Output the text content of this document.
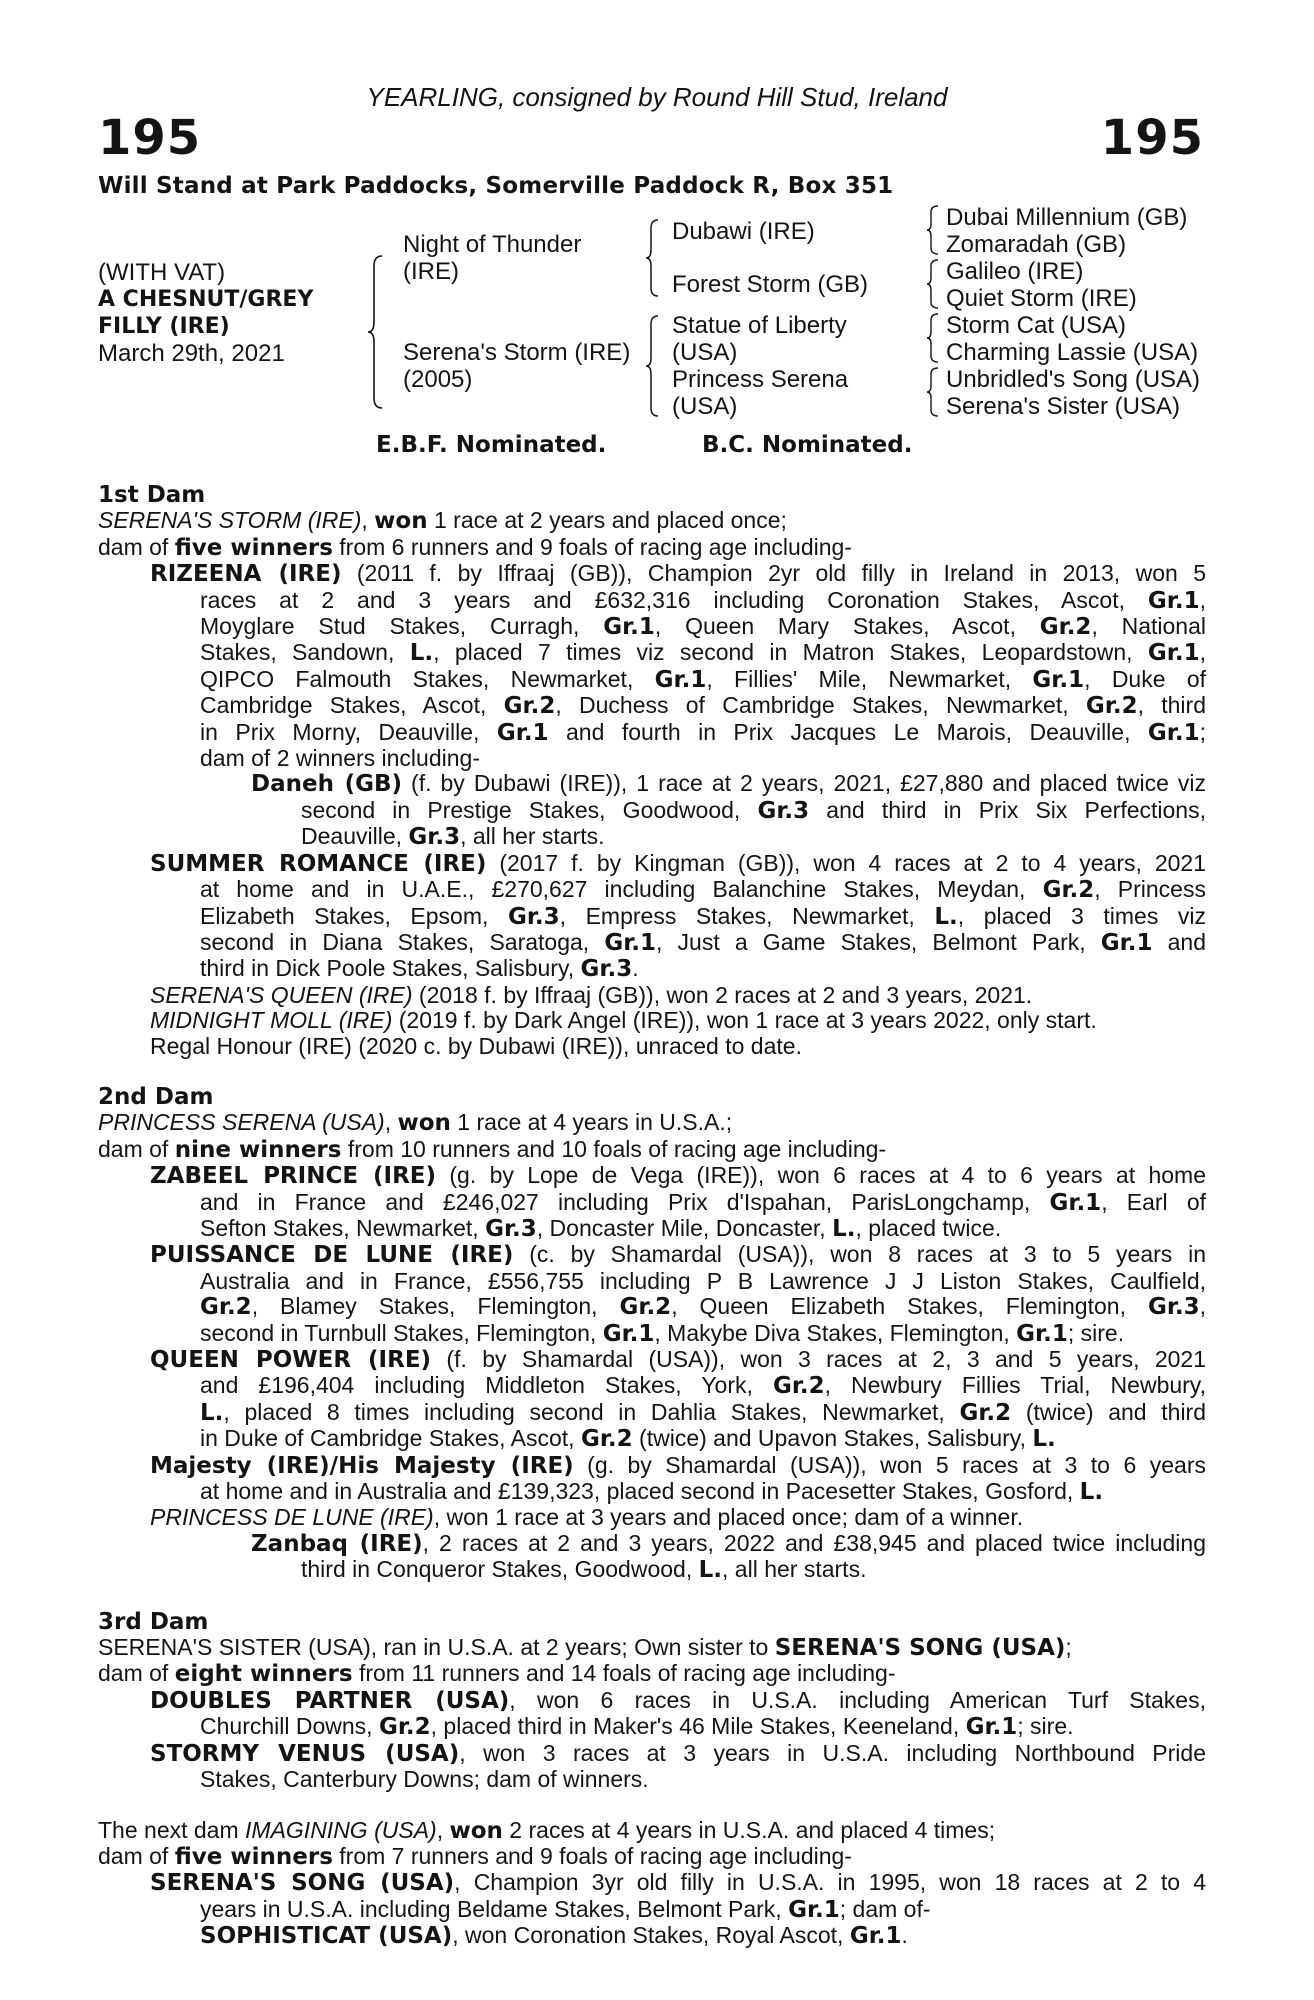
YEARLING, consigned by Round Hill Stud, Ireland
195	195
Will Stand at Park Paddocks, Somerville Paddock R, Box 351
(WITH VAT)
A CHESNUT/GREY
FILLY (IRE)
March 29th, 2021
Night of Thunder
(IRE)
Serena's Storm (IRE)
(2005)
Dubawi (IRE)
Forest Storm (GB)
Statue of Liberty
(USA)
Princess Serena
(USA)
Dubai Millennium (GB)
Zomaradah (GB)
Galileo (IRE)
Quiet Storm (IRE)
Storm Cat (USA)
Charming Lassie (USA)
Unbridled's Song (USA)
Serena's Sister (USA)
E.B.F. Nominated.	B.C. Nominated.
1st Dam
SERENA'S STORM (IRE), won 1 race at 2 years and placed once;
dam of five winners from 6 runners and 9 foals of racing age including-
RIZEENA (IRE) (2011 f. by Iffraaj (GB)), Champion 2yr old filly in Ireland in 2013, won 5
races at 2 and 3 years and £632,316 including Coronation Stakes, Ascot, Gr.1,
Moyglare Stud Stakes, Curragh, Gr.1, Queen Mary Stakes, Ascot, Gr.2, National
Stakes, Sandown, L., placed 7 times viz second in Matron Stakes, Leopardstown, Gr.1,
QIPCO Falmouth Stakes, Newmarket, Gr.1, Fillies' Mile, Newmarket, Gr.1, Duke of
Cambridge Stakes, Ascot, Gr.2, Duchess of Cambridge Stakes, Newmarket, Gr.2, third
in Prix Morny, Deauville, Gr.1 and fourth in Prix Jacques Le Marois, Deauville, Gr.1;
dam of 2 winners including-
Daneh (GB) (f. by Dubawi (IRE)), 1 race at 2 years, 2021, £27,880 and placed twice viz
second in Prestige Stakes, Goodwood, Gr.3 and third in Prix Six Perfections,
Deauville, Gr.3, all her starts.
SUMMER ROMANCE (IRE) (2017 f. by Kingman (GB)), won 4 races at 2 to 4 years, 2021
at home and in U.A.E., £270,627 including Balanchine Stakes, Meydan, Gr.2, Princess
Elizabeth Stakes, Epsom, Gr.3, Empress Stakes, Newmarket, L., placed 3 times viz
second in Diana Stakes, Saratoga, Gr.1, Just a Game Stakes, Belmont Park, Gr.1 and
third in Dick Poole Stakes, Salisbury, Gr.3.
SERENA'S QUEEN (IRE) (2018 f. by Iffraaj (GB)), won 2 races at 2 and 3 years, 2021.
MIDNIGHT MOLL (IRE) (2019 f. by Dark Angel (IRE)), won 1 race at 3 years 2022, only start.
Regal Honour (IRE) (2020 c. by Dubawi (IRE)), unraced to date.
2nd Dam
PRINCESS SERENA (USA), won 1 race at 4 years in U.S.A.;
dam of nine winners from 10 runners and 10 foals of racing age including-
ZABEEL PRINCE (IRE) (g. by Lope de Vega (IRE)), won 6 races at 4 to 6 years at home
and in France and £246,027 including Prix d'Ispahan, ParisLongchamp, Gr.1, Earl of
Sefton Stakes, Newmarket, Gr.3, Doncaster Mile, Doncaster, L., placed twice.
PUISSANCE DE LUNE (IRE) (c. by Shamardal (USA)), won 8 races at 3 to 5 years in
Australia and in France, £556,755 including P B Lawrence J J Liston Stakes, Caulfield,
Gr.2, Blamey Stakes, Flemington, Gr.2, Queen Elizabeth Stakes, Flemington, Gr.3,
second in Turnbull Stakes, Flemington, Gr.1, Makybe Diva Stakes, Flemington, Gr.1; sire.
QUEEN POWER (IRE) (f. by Shamardal (USA)), won 3 races at 2, 3 and 5 years, 2021
and £196,404 including Middleton Stakes, York, Gr.2, Newbury Fillies Trial, Newbury,
L., placed 8 times including second in Dahlia Stakes, Newmarket, Gr.2 (twice) and third
in Duke of Cambridge Stakes, Ascot, Gr.2 (twice) and Upavon Stakes, Salisbury, L.
Majesty (IRE)/His Majesty (IRE) (g. by Shamardal (USA)), won 5 races at 3 to 6 years
at home and in Australia and £139,323, placed second in Pacesetter Stakes, Gosford, L.
PRINCESS DE LUNE (IRE), won 1 race at 3 years and placed once; dam of a winner.
Zanbaq (IRE), 2 races at 2 and 3 years, 2022 and £38,945 and placed twice including
third in Conqueror Stakes, Goodwood, L., all her starts.
3rd Dam
SERENA'S SISTER (USA), ran in U.S.A. at 2 years; Own sister to SERENA'S SONG (USA);
dam of eight winners from 11 runners and 14 foals of racing age including-
DOUBLES PARTNER (USA), won 6 races in U.S.A. including American Turf Stakes,
Churchill Downs, Gr.2, placed third in Maker's 46 Mile Stakes, Keeneland, Gr.1; sire.
STORMY VENUS (USA), won 3 races at 3 years in U.S.A. including Northbound Pride
Stakes, Canterbury Downs; dam of winners.
The next dam IMAGINING (USA), won 2 races at 4 years in U.S.A. and placed 4 times;
dam of five winners from 7 runners and 9 foals of racing age including-
SERENA'S SONG (USA), Champion 3yr old filly in U.S.A. in 1995, won 18 races at 2 to 4
years in U.S.A. including Beldame Stakes, Belmont Park, Gr.1; dam of-
SOPHISTICAT (USA), won Coronation Stakes, Royal Ascot, Gr.1.
